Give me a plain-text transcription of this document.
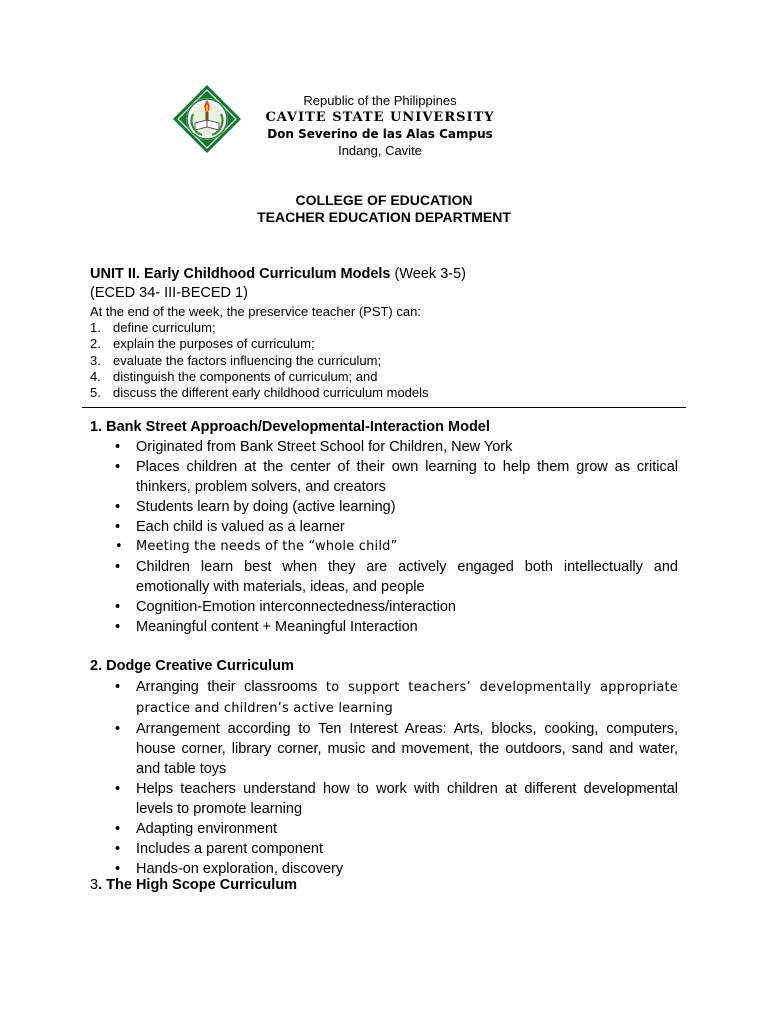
Republic of the Philippines
CAVITE STATE UNIVERSITY
Don Severino de las Alas Campus
Indang, Cavite
COLLEGE OF EDUCATION
TEACHER EDUCATION DEPARTMENT
UNIT II. Early Childhood Curriculum Models (Week 3-5)
(ECED 34- III-BECED 1)
At the end of the week, the preservice teacher (PST) can:
1. define curriculum;
2. explain the purposes of curriculum;
3. evaluate the factors influencing the curriculum;
4. distinguish the components of curriculum; and
5. discuss the different early childhood curriculum models
1. Bank Street Approach/Developmental-Interaction Model
• Originated from Bank Street School for Children, New York
• Places children at the center of their own learning to help them grow as critical thinkers, problem solvers, and creators
• Students learn by doing (active learning)
• Each child is valued as a learner
• Meeting the needs of the “whole child”
• Children learn best when they are actively engaged both intellectually and emotionally with materials, ideas, and people
• Cognition-Emotion interconnectedness/interaction
• Meaningful content + Meaningful Interaction
2. Dodge Creative Curriculum
• Arranging their classrooms to support teachers’ developmentally appropriate practice and children’s active learning
• Arrangement according to Ten Interest Areas: Arts, blocks, cooking, computers, house corner, library corner, music and movement, the outdoors, sand and water, and table toys
• Helps teachers understand how to work with children at different developmental levels to promote learning
• Adapting environment
• Includes a parent component
• Hands-on exploration, discovery
3. The High Scope Curriculum
